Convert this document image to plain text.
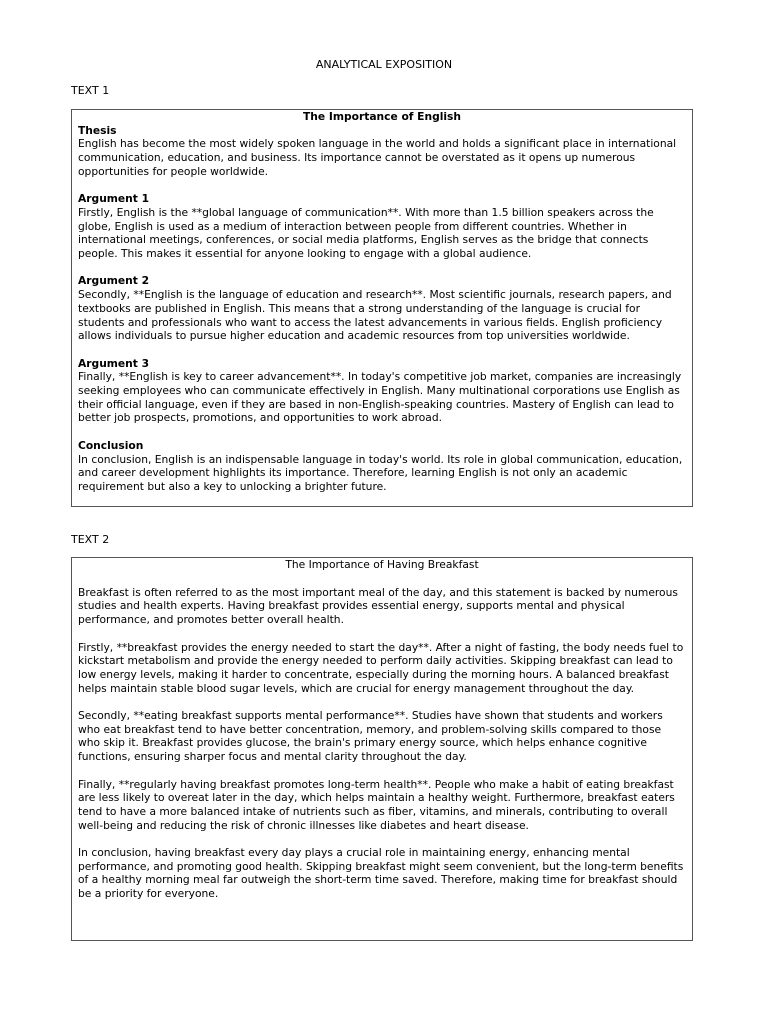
ANALYTICAL EXPOSITION
TEXT 1

The Importance of English

Thesis

English has become the most widely spoken language in the world and holds a significant place in international communication, education, and business. Its importance cannot be overstated as it opens up numerous opportunities for people worldwide.

Argument 1

Firstly, English is the **global language of communication**. With more than 1.5 billion speakers across the globe, English is used as a medium of interaction between people from different countries. Whether in international meetings, conferences, or social media platforms, English serves as the bridge that connects people. This makes it essential for anyone looking to engage with a global audience.

Argument 2

Secondly, **English is the language of education and research**. Most scientific journals, research papers, and textbooks are published in English. This means that a strong understanding of the language is crucial for students and professionals who want to access the latest advancements in various fields. English proficiency allows individuals to pursue higher education and academic resources from top universities worldwide.

Argument 3

Finally, **English is key to career advancement**. In today's competitive job market, companies are increasingly seeking employees who can communicate effectively in English. Many multinational corporations use English as their official language, even if they are based in non-English-speaking countries. Mastery of English can lead to better job prospects, promotions, and opportunities to work abroad.

Conclusion

In conclusion, English is an indispensable language in today's world. Its role in global communication, education, and career development highlights its importance. Therefore, learning English is not only an academic requirement but also a key to unlocking a brighter future.

TEXT 2

The Importance of Having Breakfast

Breakfast is often referred to as the most important meal of the day, and this statement is backed by numerous studies and health experts. Having breakfast provides essential energy, supports mental and physical performance, and promotes better overall health.

Firstly, **breakfast provides the energy needed to start the day**. After a night of fasting, the body needs fuel to kickstart metabolism and provide the energy needed to perform daily activities. Skipping breakfast can lead to low energy levels, making it harder to concentrate, especially during the morning hours. A balanced breakfast helps maintain stable blood sugar levels, which are crucial for energy management throughout the day.

Secondly, **eating breakfast supports mental performance**. Studies have shown that students and workers who eat breakfast tend to have better concentration, memory, and problem-solving skills compared to those who skip it. Breakfast provides glucose, the brain's primary energy source, which helps enhance cognitive functions, ensuring sharper focus and mental clarity throughout the day.

Finally, **regularly having breakfast promotes long-term health**. People who make a habit of eating breakfast are less likely to overeat later in the day, which helps maintain a healthy weight. Furthermore, breakfast eaters tend to have a more balanced intake of nutrients such as fiber, vitamins, and minerals, contributing to overall well-being and reducing the risk of chronic illnesses like diabetes and heart disease.

In conclusion, having breakfast every day plays a crucial role in maintaining energy, enhancing mental performance, and promoting good health. Skipping breakfast might seem convenient, but the long-term benefits of a healthy morning meal far outweigh the short-term time saved. Therefore, making time for breakfast should be a priority for everyone.
